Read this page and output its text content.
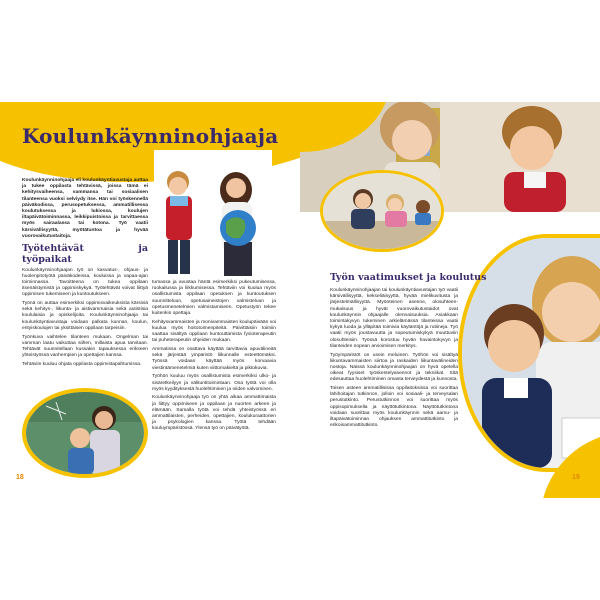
Koulunkäynninohjaaja

Koulunkäynninohjaaja eli koulunkäyntiavustaja auttaa ja tukee oppilasta tehtävissä, joissa tämä ei kehitysvaiheensa, vammansa tai sosiaalisen tilanteensa vuoksi selviydy itse. Hän voi työskennellä päiväkodissa, perusopetuksessa, ammatillisessa koulutuksessa ja lukiossa, koulujen iltapäivätoiminnassa, leikkipuistoissa ja tarvittaessa myös sairaalassa tai kotona. Työ vaatii kärsivällisyyttä, myötätuntoa ja hyvää vuorovaikutustaitoja.

Työtehtävät ja työpaikat

Koulunkäynninohjaajan työ on kasvatus-, ohjaus- ja huolenpitotyötä päiväkodeissa, kouluissa ja vapaa-ajan toiminnassa. Tavoitteena on tukea oppilaan itsenäistymistä ja oppimiskykyä. Työtehtävät voivat liittyä oppimisen tukemiseen ja kuntoutukseen.

Työnä on auttaa esimerkiksi oppimisvaikeuksista kärsiviä sekä kehitys-, liikunta- ja aistivammaisia sekä autistisia koululaisia ja opiskelijoita. Koulunkäynninohjaaja tai koulunkäyntiavustaja voidaan palkata kunnan, koulun, erityiskoulujen tai yksittäisen oppilaan tarpeisiin.

Työnkuva vaihtelee tilanteen mukaan. Ongelman tai vamman laatu vaikuttaa siihen, millaista apua tarvitaan. Tehtävät suunnitellaan kussakin tapauksessa erikseen yhteistyössä vanhempien ja opettajien kanssa.

Tehtäviin kuuluu ohjata oppilasta oppimistapahtumissa.

tumassa ja avustaa häntä esimerkiksi pukeutumisessa, ruokailussa ja liikkumisessa. Tehtäviin voi kuulua myös osallistumista oppilaan opetuksen ja kuntoutuksen suunnitteluun, opetusaineistojen valmisteluun ja opetusmenetelmien valmistamiseen. Opetustyön tekee kuitenkin opettaja.

Kehitysvammaisten ja monivammaisten koulupäivään voi kuulua myös hoitotoimenpiteitä. Päivittäisiin toimiin saattaa sisältyä oppilaan kuntouttamista fysioterapeutin tai puheterapeutin ohjeiden mukaan.

Ammatissa on osattava käyttää tarvittavia apuvälineitä sekä järjestää ympäristö liikunnalle esteettömäksi. Työssä voidaan käyttää myös korvaavia viestintämenetelmiä kuten viittomakieltä ja piktokuvia.

Työhön kuuluu myös osallistumista esimerkiksi ulko- ja sisäretkeilyyn ja välituntitoimintaan. Osa työtä voi olla myös kyydityksestä huolehtiminen ja niiden valvominen.

Koulunkäynninohjaaja työ on yhtä aikaa ammattimaista ja liittyy oppimiseen ja oppilaan ja nuorten arkeen ja elämään. Samalla työtä voi tehdä yhteistyössä eri ammattilaisten, perheiden, opettajien, koulukuraattorien ja psykologien kanssa. Työtä tehdään kouluympäristössä. Ylensä työ on päivätyötä.

18
Työn vaatimukset ja koulutus

Koulunkäynninohjaajan tai koulunkäyntiavustajan työ vaatii kärsivällisyyttä, kekseliäisyyttä, hyvää mielikuvitusta ja järjestelmällisyyttä. Myönteinen asenne, olosuhteenmukaisuus ja hyvät vuorovaikutustaidot ovat koulunkäynnin ohjaajalle olennaisuuksia. Asiakkaan toimintakyvyn tukeminen arkielämässä tilanteissa vaatii kykyä luoda ja ylläpitää toimivia käytäntöjä ja rutiineja. Työ vaatii myös joustavuutta ja sopeutumiskykyä muuttuviin olosuhteisiin. Työssä korostuu hyvän havaintokyvyn ja tilanteiden nopean arvioimisen merkitys.

Työympäristöt on usein meluinen. Työhön voi sisältyä liikuntavammaisten siirtoa ja raskaiden liikuntavälineiden nostoja. Näissä koulunkäynninohjaajan on hyvä opetella oikeat fyysiset työskentelyasennot ja tekniikat. Sitä edesauttaa huolehtiminen omasta terveydestä ja kunnosta.

Toisen asteen ammatillisissa oppilaitoksissa voi suorittaa lähihoitajan tutkinnon, jolloin voi sosiaali- ja terveysalan perustutkinto. Perustutkinnon voi suorittaa myös oppisopimuksella ja näyttötutkintona. Näyttötutkintona voidaan suorittaa myös koulunkäynnin sekä aamu- ja iltapäivätoiminnan ohjauksen ammattitutkinto ja erikoisammattitutkinto.

19
